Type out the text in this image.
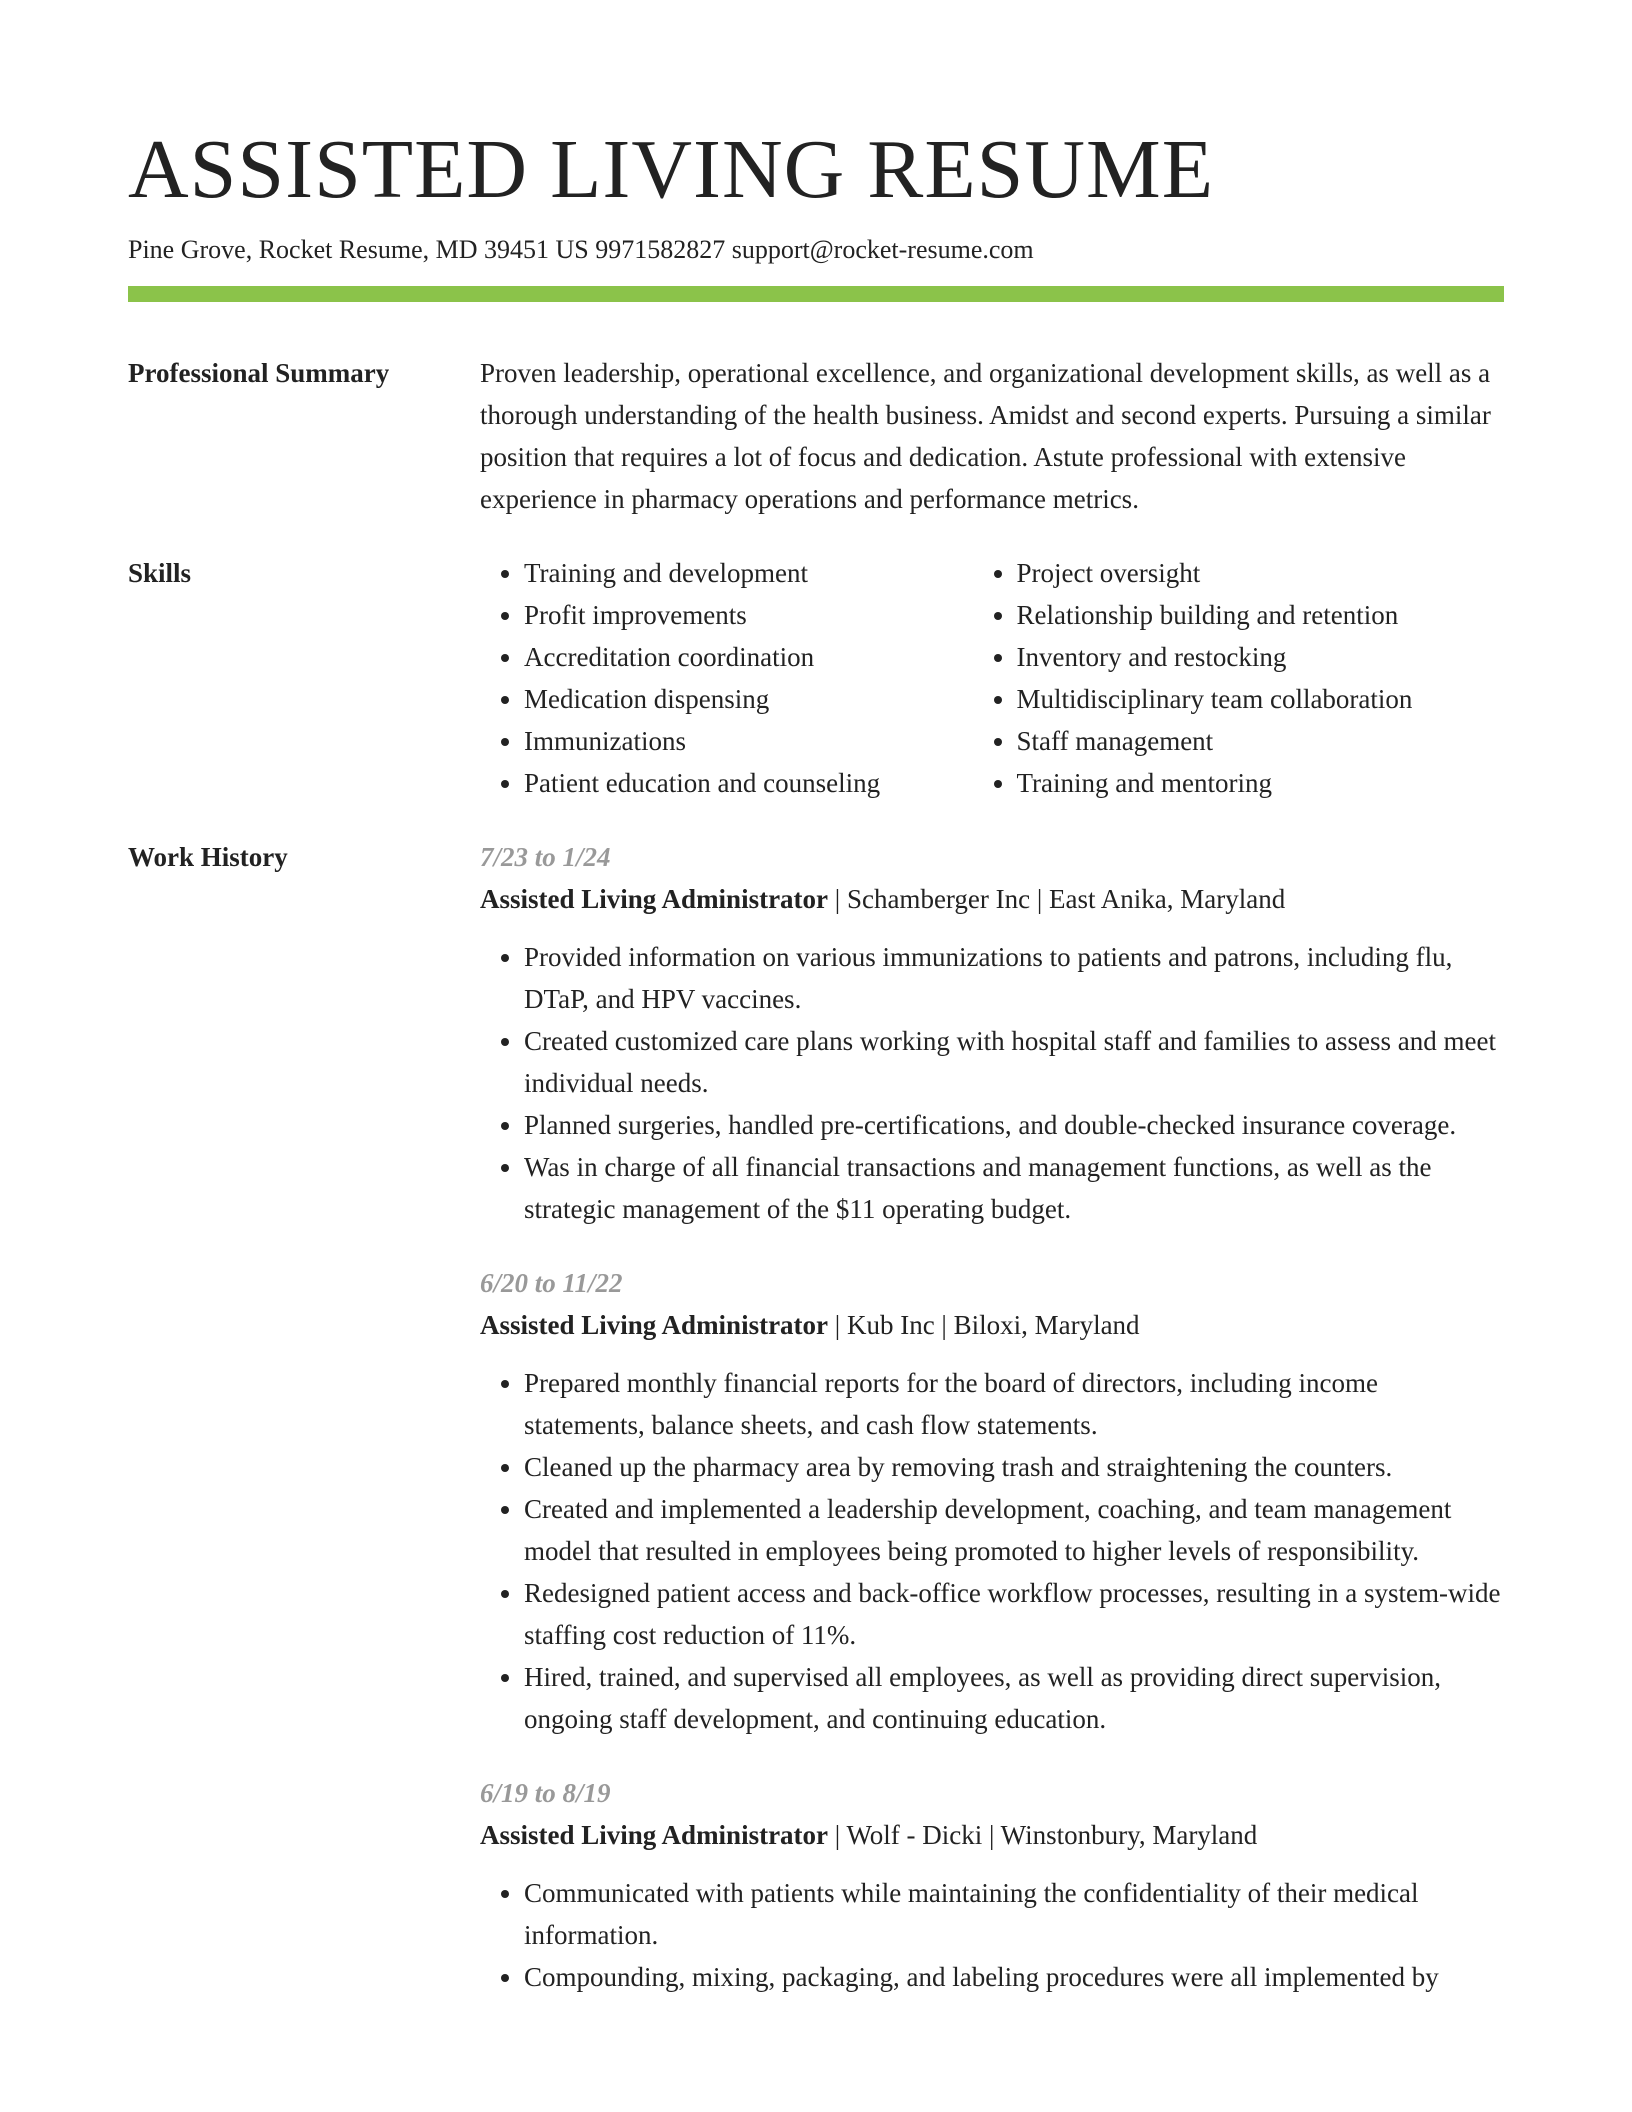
ASSISTED LIVING RESUME
Pine Grove, Rocket Resume, MD 39451 US 9971582827 support@rocket-resume.com
Professional Summary	Proven leadership, operational excellence, and organizational development skills, as well as a thorough understanding of the health business. Amidst and second experts. Pursuing a similar position that requires a lot of focus and dedication. Astute professional with extensive experience in pharmacy operations and performance metrics.

Skills
•	Training and development
• Profit improvements
• Accreditation coordination
• Medication dispensing
• Immunizations
• Patient education and counseling
• Project oversight
• Relationship building and retention
• Inventory and restocking
• Multidisciplinary team collaboration
• Staff management
• Training and mentoring
Work History	7/23 to 1/24
Assisted Living Administrator | Schamberger Inc | East Anika, Maryland
• Provided information on various immunizations to patients and patrons, including flu, DTaP, and HPV vaccines.
• Created customized care plans working with hospital staff and families to assess and meet individual needs.
• Planned surgeries, handled pre-certifications, and double-checked insurance coverage.
• Was in charge of all financial transactions and management functions, as well as the strategic management of the $11 operating budget.
6/20 to 11/22
Assisted Living Administrator | Kub Inc | Biloxi, Maryland
• Prepared monthly financial reports for the board of directors, including income statements, balance sheets, and cash flow statements.
• Cleaned up the pharmacy area by removing trash and straightening the counters.
• Created and implemented a leadership development, coaching, and team management model that resulted in employees being promoted to higher levels of responsibility.
• Redesigned patient access and back-office workflow processes, resulting in a system-wide staffing cost reduction of 11%.
• Hired, trained, and supervised all employees, as well as providing direct supervision, ongoing staff development, and continuing education.
6/19 to 8/19
Assisted Living Administrator | Wolf - Dicki | Winstonbury, Maryland
• Communicated with patients while maintaining the confidentiality of their medical information.
• Compounding, mixing, packaging, and labeling procedures were all implemented by
